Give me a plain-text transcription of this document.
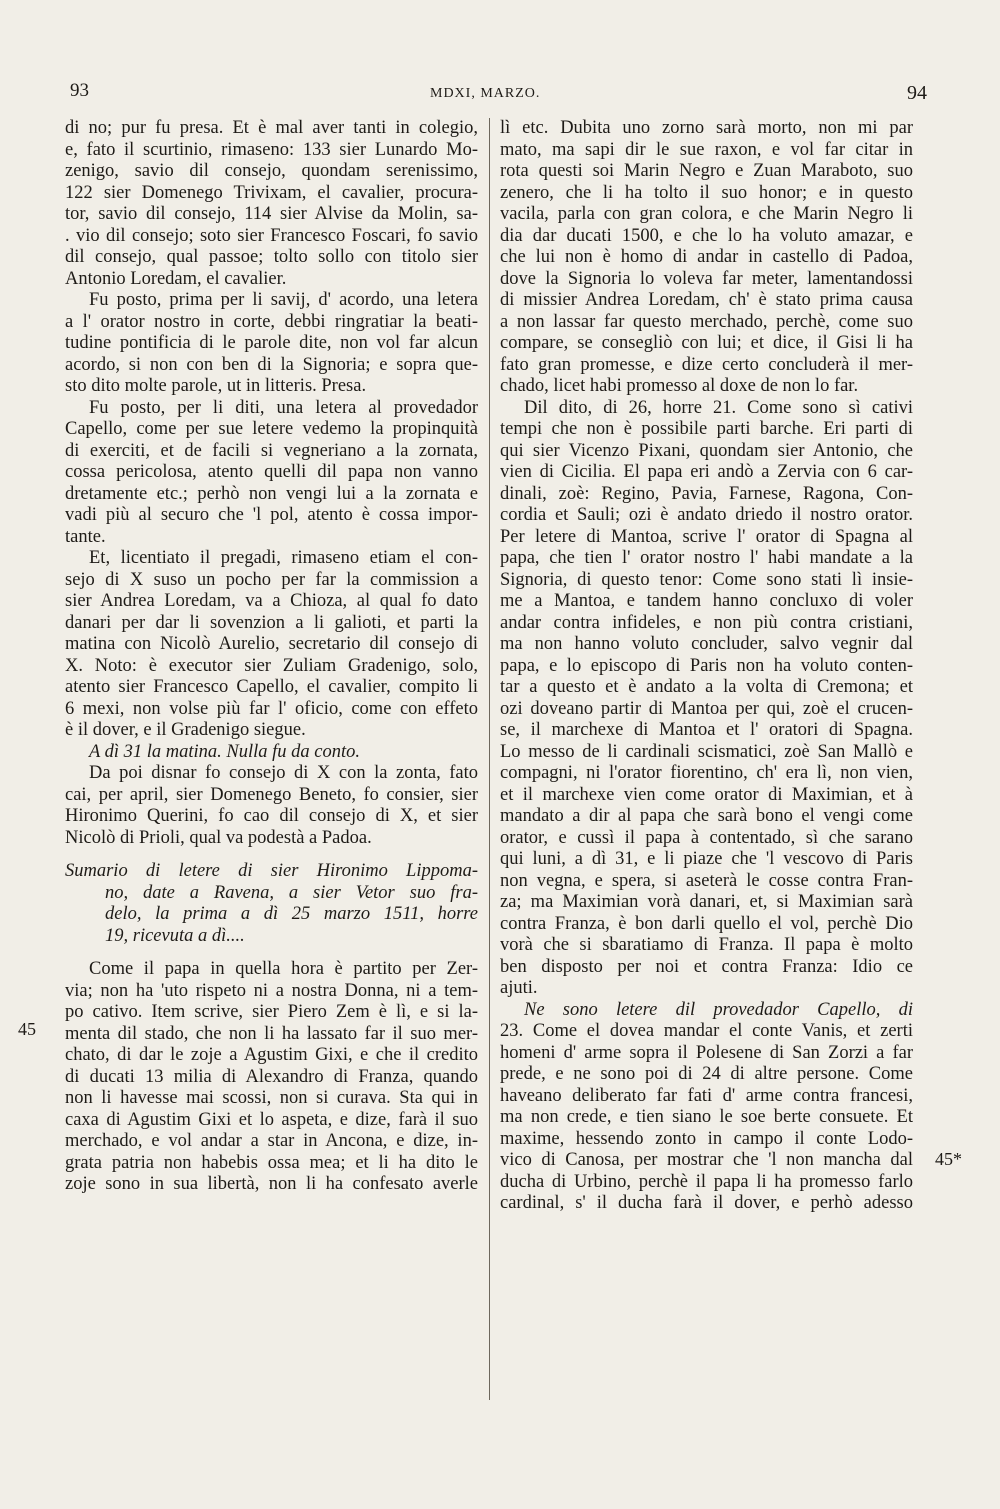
93	MDXI, MARZO.	94
45
45*
di no; pur fu presa. Et è mal aver tanti in colegio,
e, fato il scurtinio, rimaseno: 133 sier Lunardo Mo-
zenigo, savio dil consejo, quondam serenissimo,
122 sier Domenego Trivixam, el cavalier, procura-
tor, savio dil consejo, 114 sier Alvise da Molin, sa-
. vio dil consejo; soto sier Francesco Foscari, fo savio
dil consejo, qual passoe; tolto sollo con titolo sier
Antonio Loredam, el cavalier.
Fu posto, prima per li savij, d' acordo, una letera
a l' orator nostro in corte, debbi ringratiar la beati-
tudine pontificia di le parole dite, non vol far alcun
acordo, si non con ben di la Signoria; e sopra que-
sto dito molte parole, ut in litteris. Presa.
Fu posto, per li diti, una letera al provedador
Capello, come per sue letere vedemo la propinquità
di exerciti, et de facili si vegneriano a la zornata,
cossa pericolosa, atento quelli dil papa non vanno
dretamente etc.; perhò non vengi lui a la zornata e
vadi più al securo che 'l pol, atento è cossa impor-
tante.
Et, licentiato il pregadi, rimaseno etiam el con-
sejo di X suso un pocho per far la commission a
sier Andrea Loredam, va a Chioza, al qual fo dato
danari per dar li sovenzion a li galioti, et parti la
matina con Nicolò Aurelio, secretario dil consejo di
X. Noto: è executor sier Zuliam Gradenigo, solo,
atento sier Francesco Capello, el cavalier, compito li
6 mexi, non volse più far l' oficio, come con effeto
è il dover, e il Gradenigo siegue.
A dì 31 la matina. Nulla fu da conto.
Da poi disnar fo consejo di X con la zonta, fato
cai, per april, sier Domenego Beneto, fo consier, sier
Hironimo Querini, fo cao dil consejo di X, et sier
Nicolò di Prioli, qual va podestà a Padoa.
Sumario di letere di sier Hironimo Lippoma-
no, date a Ravena, a sier Vetor suo fra-
delo, la prima a dì 25 marzo 1511, horre
19, ricevuta a dì....
Come il papa in quella hora è partito per Zer-
via; non ha 'uto rispeto ni a nostra Donna, ni a tem-
po cativo. Item scrive, sier Piero Zem è lì, e si la-
menta dil stado, che non li ha lassato far il suo mer-
chato, di dar le zoje a Agustim Gixi, e che il credito
di ducati 13 milia di Alexandro di Franza, quando
non li havesse mai scossi, non si curava. Sta qui in
caxa di Agustim Gixi et lo aspeta, e dize, farà il suo
merchado, e vol andar a star in Ancona, e dize, in-
grata patria non habebis ossa mea; et li ha dito le
zoje sono in sua libertà, non li ha confesato averle
lì etc. Dubita uno zorno sarà morto, non mi par
mato, ma sapi dir le sue raxon, e vol far citar in
rota questi soi Marin Negro e Zuan Maraboto, suo
zenero, che li ha tolto il suo honor; e in questo
vacila, parla con gran colora, e che Marin Negro li
dia dar ducati 1500, e che lo ha voluto amazar, e
che lui non è homo di andar in castello di Padoa,
dove la Signoria lo voleva far meter, lamentandossi
di missier Andrea Loredam, ch' è stato prima causa
a non lassar far questo merchado, perchè, come suo
compare, se consegliò con lui; et dice, il Gisi li ha
fato gran promesse, e dize certo concluderà il mer-
chado, licet habi promesso al doxe de non lo far.
Dil dito, di 26, horre 21. Come sono sì cativi
tempi che non è possibile parti barche. Eri parti di
qui sier Vicenzo Pixani, quondam sier Antonio, che
vien di Cicilia. El papa eri andò a Zervia con 6 car-
dinali, zoè: Regino, Pavia, Farnese, Ragona, Con-
cordia et Sauli; ozi è andato driedo il nostro orator.
Per letere di Mantoa, scrive l' orator di Spagna al
papa, che tien l' orator nostro l' habi mandate a la
Signoria, di questo tenor: Come sono stati lì insie-
me a Mantoa, e tandem hanno concluxo di voler
andar contra infideles, e non più contra cristiani,
ma non hanno voluto concluder, salvo vegnir dal
papa, e lo episcopo di Paris non ha voluto conten-
tar a questo et è andato a la volta di Cremona; et
ozi doveano partir di Mantoa per qui, zoè el crucen-
se, il marchexe di Mantoa et l' oratori di Spagna.
Lo messo de li cardinali scismatici, zoè San Mallò e
compagni, ni l'orator fiorentino, ch' era lì, non vien,
et il marchexe vien come orator di Maximian, et à
mandato a dir al papa che sarà bono el vengi come
orator, e cussì il papa à contentado, sì che sarano
qui luni, a dì 31, e li piaze che 'l vescovo di Paris
non vegna, e spera, si aseterà le cosse contra Fran-
za; ma Maximian vorà danari, et, si Maximian sarà
contra Franza, è bon darli quello el vol, perchè Dio
vorà che si sbaratiamo di Franza. Il papa è molto
ben disposto per noi et contra Franza: Idio ce
ajuti.
Ne sono letere dil provedador Capello, di
23. Come el dovea mandar el conte Vanis, et zerti
homeni d' arme sopra il Polesene di San Zorzi a far
prede, e ne sono poi di 24 di altre persone. Come
haveano deliberato far fati d' arme contra francesi,
ma non crede, e tien siano le soe berte consuete. Et
maxime, hessendo zonto in campo il conte Lodo-
vico di Canosa, per mostrar che 'l non mancha dal
ducha di Urbino, perchè il papa li ha promesso farlo
cardinal, s' il ducha farà il dover, e perhò adesso
